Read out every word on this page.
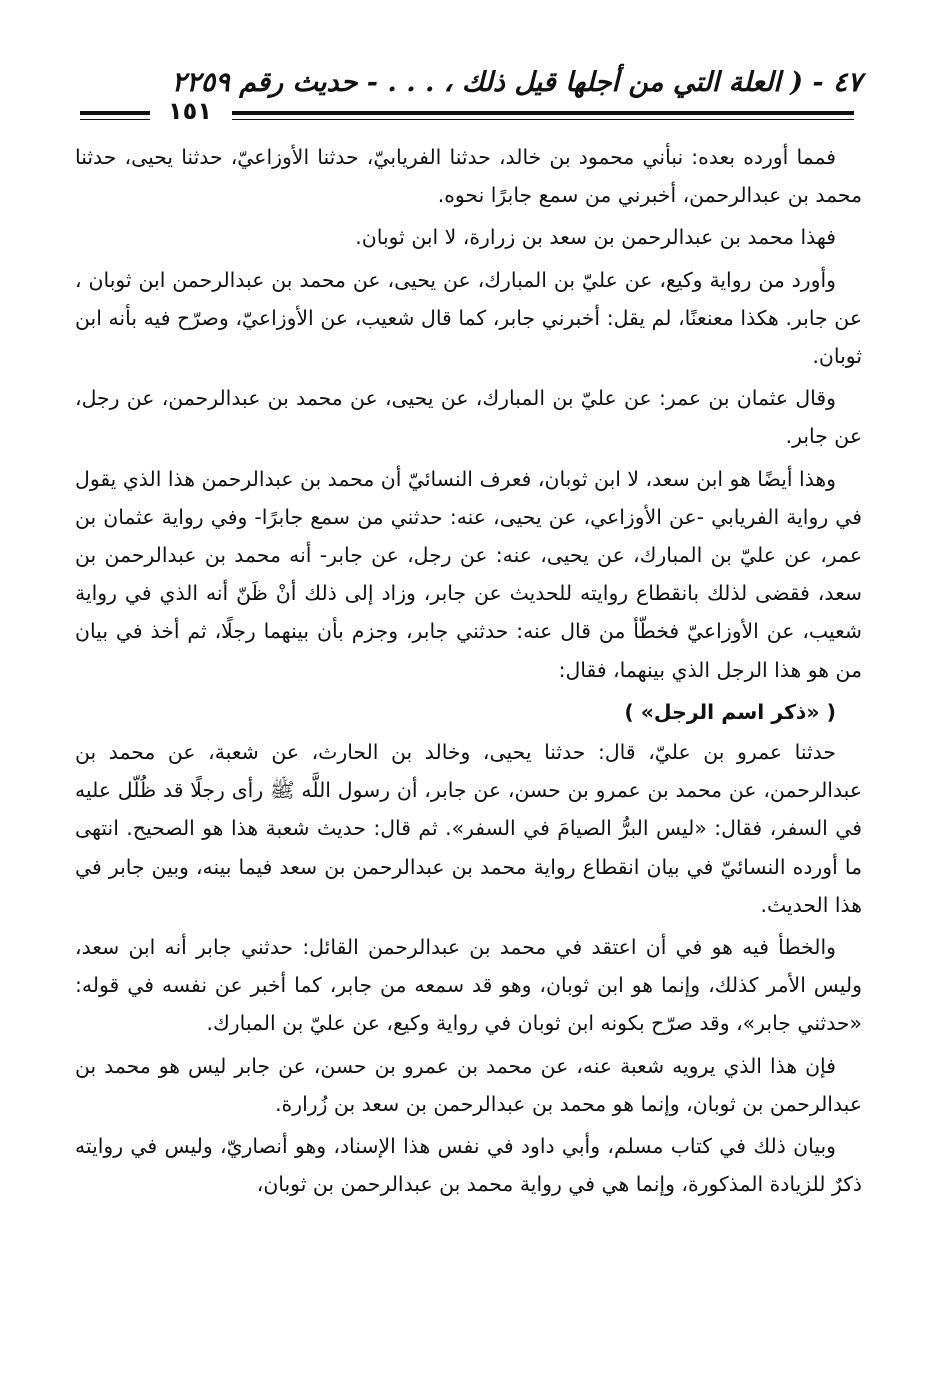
٤٧ - ( العلة التي من أجلها قيل ذلك ، . . . - حديث رقم ٢٢٥٩
١٥١

فمما أورده بعده: نبأني محمود بن خالد، حدثنا الفريابيّ، حدثنا الأوزاعيّ، حدثنا يحيى، حدثنا محمد بن عبدالرحمن، أخبرني من سمع جابرًا نحوه.

فهذا محمد بن عبدالرحمن بن سعد بن زرارة، لا ابن ثوبان.

وأورد من رواية وكيع، عن عليّ بن المبارك، عن يحيى، عن محمد بن عبدالرحمن ابن ثوبان ، عن جابر. هكذا معنعنًا، لم يقل: أخبرني جابر، كما قال شعيب، عن الأوزاعيّ، وصرّح فيه بأنه ابن ثوبان.

وقال عثمان بن عمر: عن عليّ بن المبارك، عن يحيى، عن محمد بن عبدالرحمن، عن رجل، عن جابر.

وهذا أيضًا هو ابن سعد، لا ابن ثوبان، فعرف النسائيّ أن محمد بن عبدالرحمن هذا الذي يقول في رواية الفريابي -عن الأوزاعي، عن يحيى، عنه: حدثني من سمع جابرًا- وفي رواية عثمان بن عمر، عن عليّ بن المبارك، عن يحيى، عنه: عن رجل، عن جابر- أنه محمد بن عبدالرحمن بن سعد، فقضى لذلك بانقطاع روايته للحديث عن جابر، وزاد إلى ذلك أنْ ظَنّ أنه الذي في رواية شعيب، عن الأوزاعيّ فخطّأ من قال عنه: حدثني جابر، وجزم بأن بينهما رجلًا، ثم أخذ في بيان من هو هذا الرجل الذي بينهما، فقال:

( «ذكر اسم الرجل» )

حدثنا عمرو بن عليّ، قال: حدثنا يحيى، وخالد بن الحارث، عن شعبة، عن محمد بن عبدالرحمن، عن محمد بن عمرو بن حسن، عن جابر، أن رسول اللَّه ﷺ رأى رجلًا قد ظُلّل عليه في السفر، فقال: «ليس البرُّ الصيامَ في السفر». ثم قال: حديث شعبة هذا هو الصحيح. انتهى ما أورده النسائيّ في بيان انقطاع رواية محمد بن عبدالرحمن بن سعد فيما بينه، وبين جابر في هذا الحديث.

والخطأ فيه هو في أن اعتقد في محمد بن عبدالرحمن القائل: حدثني جابر أنه ابن سعد، وليس الأمر كذلك، وإنما هو ابن ثوبان، وهو قد سمعه من جابر، كما أخبر عن نفسه في قوله: «حدثني جابر»، وقد صرّح بكونه ابن ثوبان في رواية وكيع، عن عليّ بن المبارك.

فإن هذا الذي يرويه شعبة عنه، عن محمد بن عمرو بن حسن، عن جابر ليس هو محمد بن عبدالرحمن بن ثوبان، وإنما هو محمد بن عبدالرحمن بن سعد بن زُرارة.

وبيان ذلك في كتاب مسلم، وأبي داود في نفس هذا الإسناد، وهو أنصاريّ، وليس في روايته ذكرٌ للزيادة المذكورة، وإنما هي في رواية محمد بن عبدالرحمن بن ثوبان،
